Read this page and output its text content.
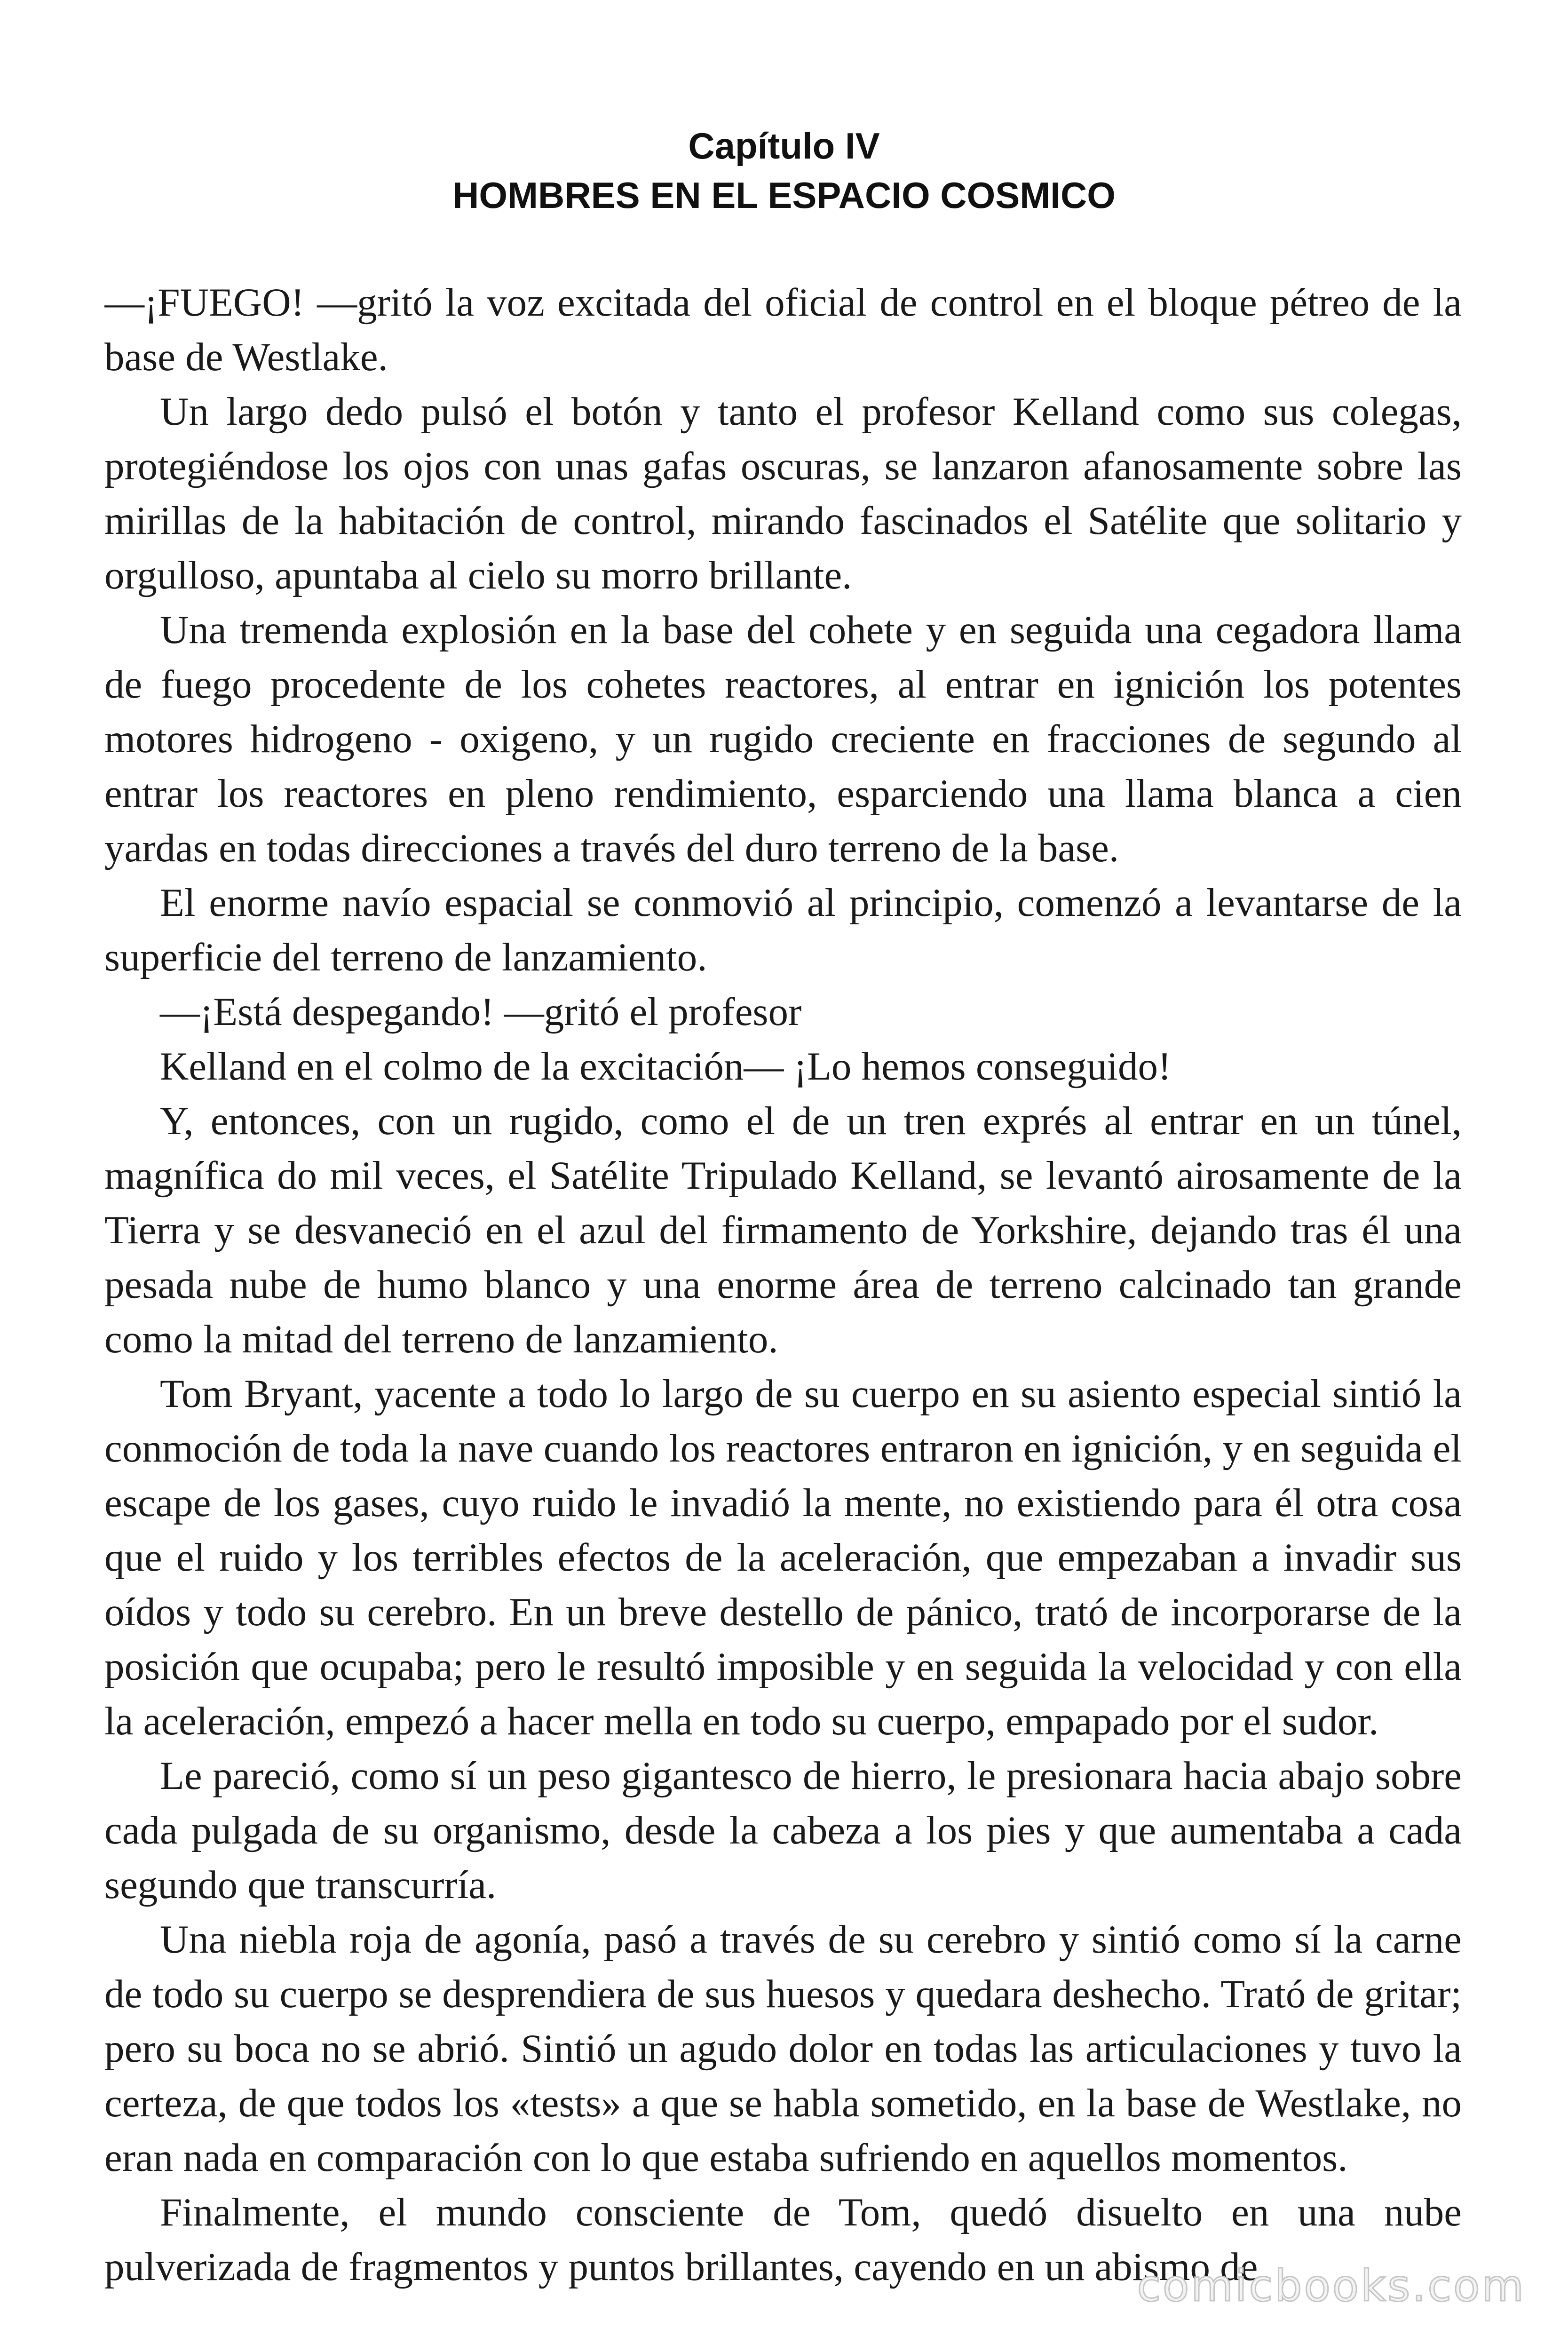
Capítulo IV
HOMBRES EN EL ESPACIO COSMICO

—¡FUEGO! —gritó la voz excitada del oficial de control en el bloque pétreo de la base de Westlake.

Un largo dedo pulsó el botón y tanto el profesor Kelland como sus colegas, protegiéndose los ojos con unas gafas oscuras, se lanzaron afanosamente sobre las mirillas de la habitación de control, mirando fascinados el Satélite que solitario y orgulloso, apuntaba al cielo su morro brillante.

Una tremenda explosión en la base del cohete y en seguida una cegadora llama de fuego procedente de los cohetes reactores, al entrar en ignición los potentes motores hidrogeno - oxigeno, y un rugido creciente en fracciones de segundo al entrar los reactores en pleno rendimiento, esparciendo una llama blanca a cien yardas en todas direcciones a través del duro terreno de la base.

El enorme navío espacial se conmovió al principio, comenzó a levantarse de la superficie del terreno de lanzamiento.

—¡Está despegando! —gritó el profesor

Kelland en el colmo de la excitación— ¡Lo hemos conseguido!

Y, entonces, con un rugido, como el de un tren exprés al entrar en un túnel, magnífica do mil veces, el Satélite Tripulado Kelland, se levantó airosamente de la Tierra y se desvaneció en el azul del firmamento de Yorkshire, dejando tras él una pesada nube de humo blanco y una enorme área de terreno calcinado tan grande como la mitad del terreno de lanzamiento.

Tom Bryant, yacente a todo lo largo de su cuerpo en su asiento especial sintió la conmoción de toda la nave cuando los reactores entraron en ignición, y en seguida el escape de los gases, cuyo ruido le invadió la mente, no existiendo para él otra cosa que el ruido y los terribles efectos de la aceleración, que empezaban a invadir sus oídos y todo su cerebro. En un breve destello de pánico, trató de incorporarse de la posición que ocupaba; pero le resultó imposible y en seguida la velocidad y con ella la aceleración, empezó a hacer mella en todo su cuerpo, empapado por el sudor.

Le pareció, como sí un peso gigantesco de hierro, le presionara hacia abajo sobre cada pulgada de su organismo, desde la cabeza a los pies y que aumentaba a cada segundo que transcurría.

Una niebla roja de agonía, pasó a través de su cerebro y sintió como sí la carne de todo su cuerpo se desprendiera de sus huesos y quedara deshecho. Trató de gritar; pero su boca no se abrió. Sintió un agudo dolor en todas las articulaciones y tuvo la certeza, de que todos los «tests» a que se habla sometido, en la base de Westlake, no eran nada en comparación con lo que estaba sufriendo en aquellos momentos.

Finalmente, el mundo consciente de Tom, quedó disuelto en una nube pulverizada de fragmentos y puntos brillantes, cayendo en un abismo de

comicbooks.com
